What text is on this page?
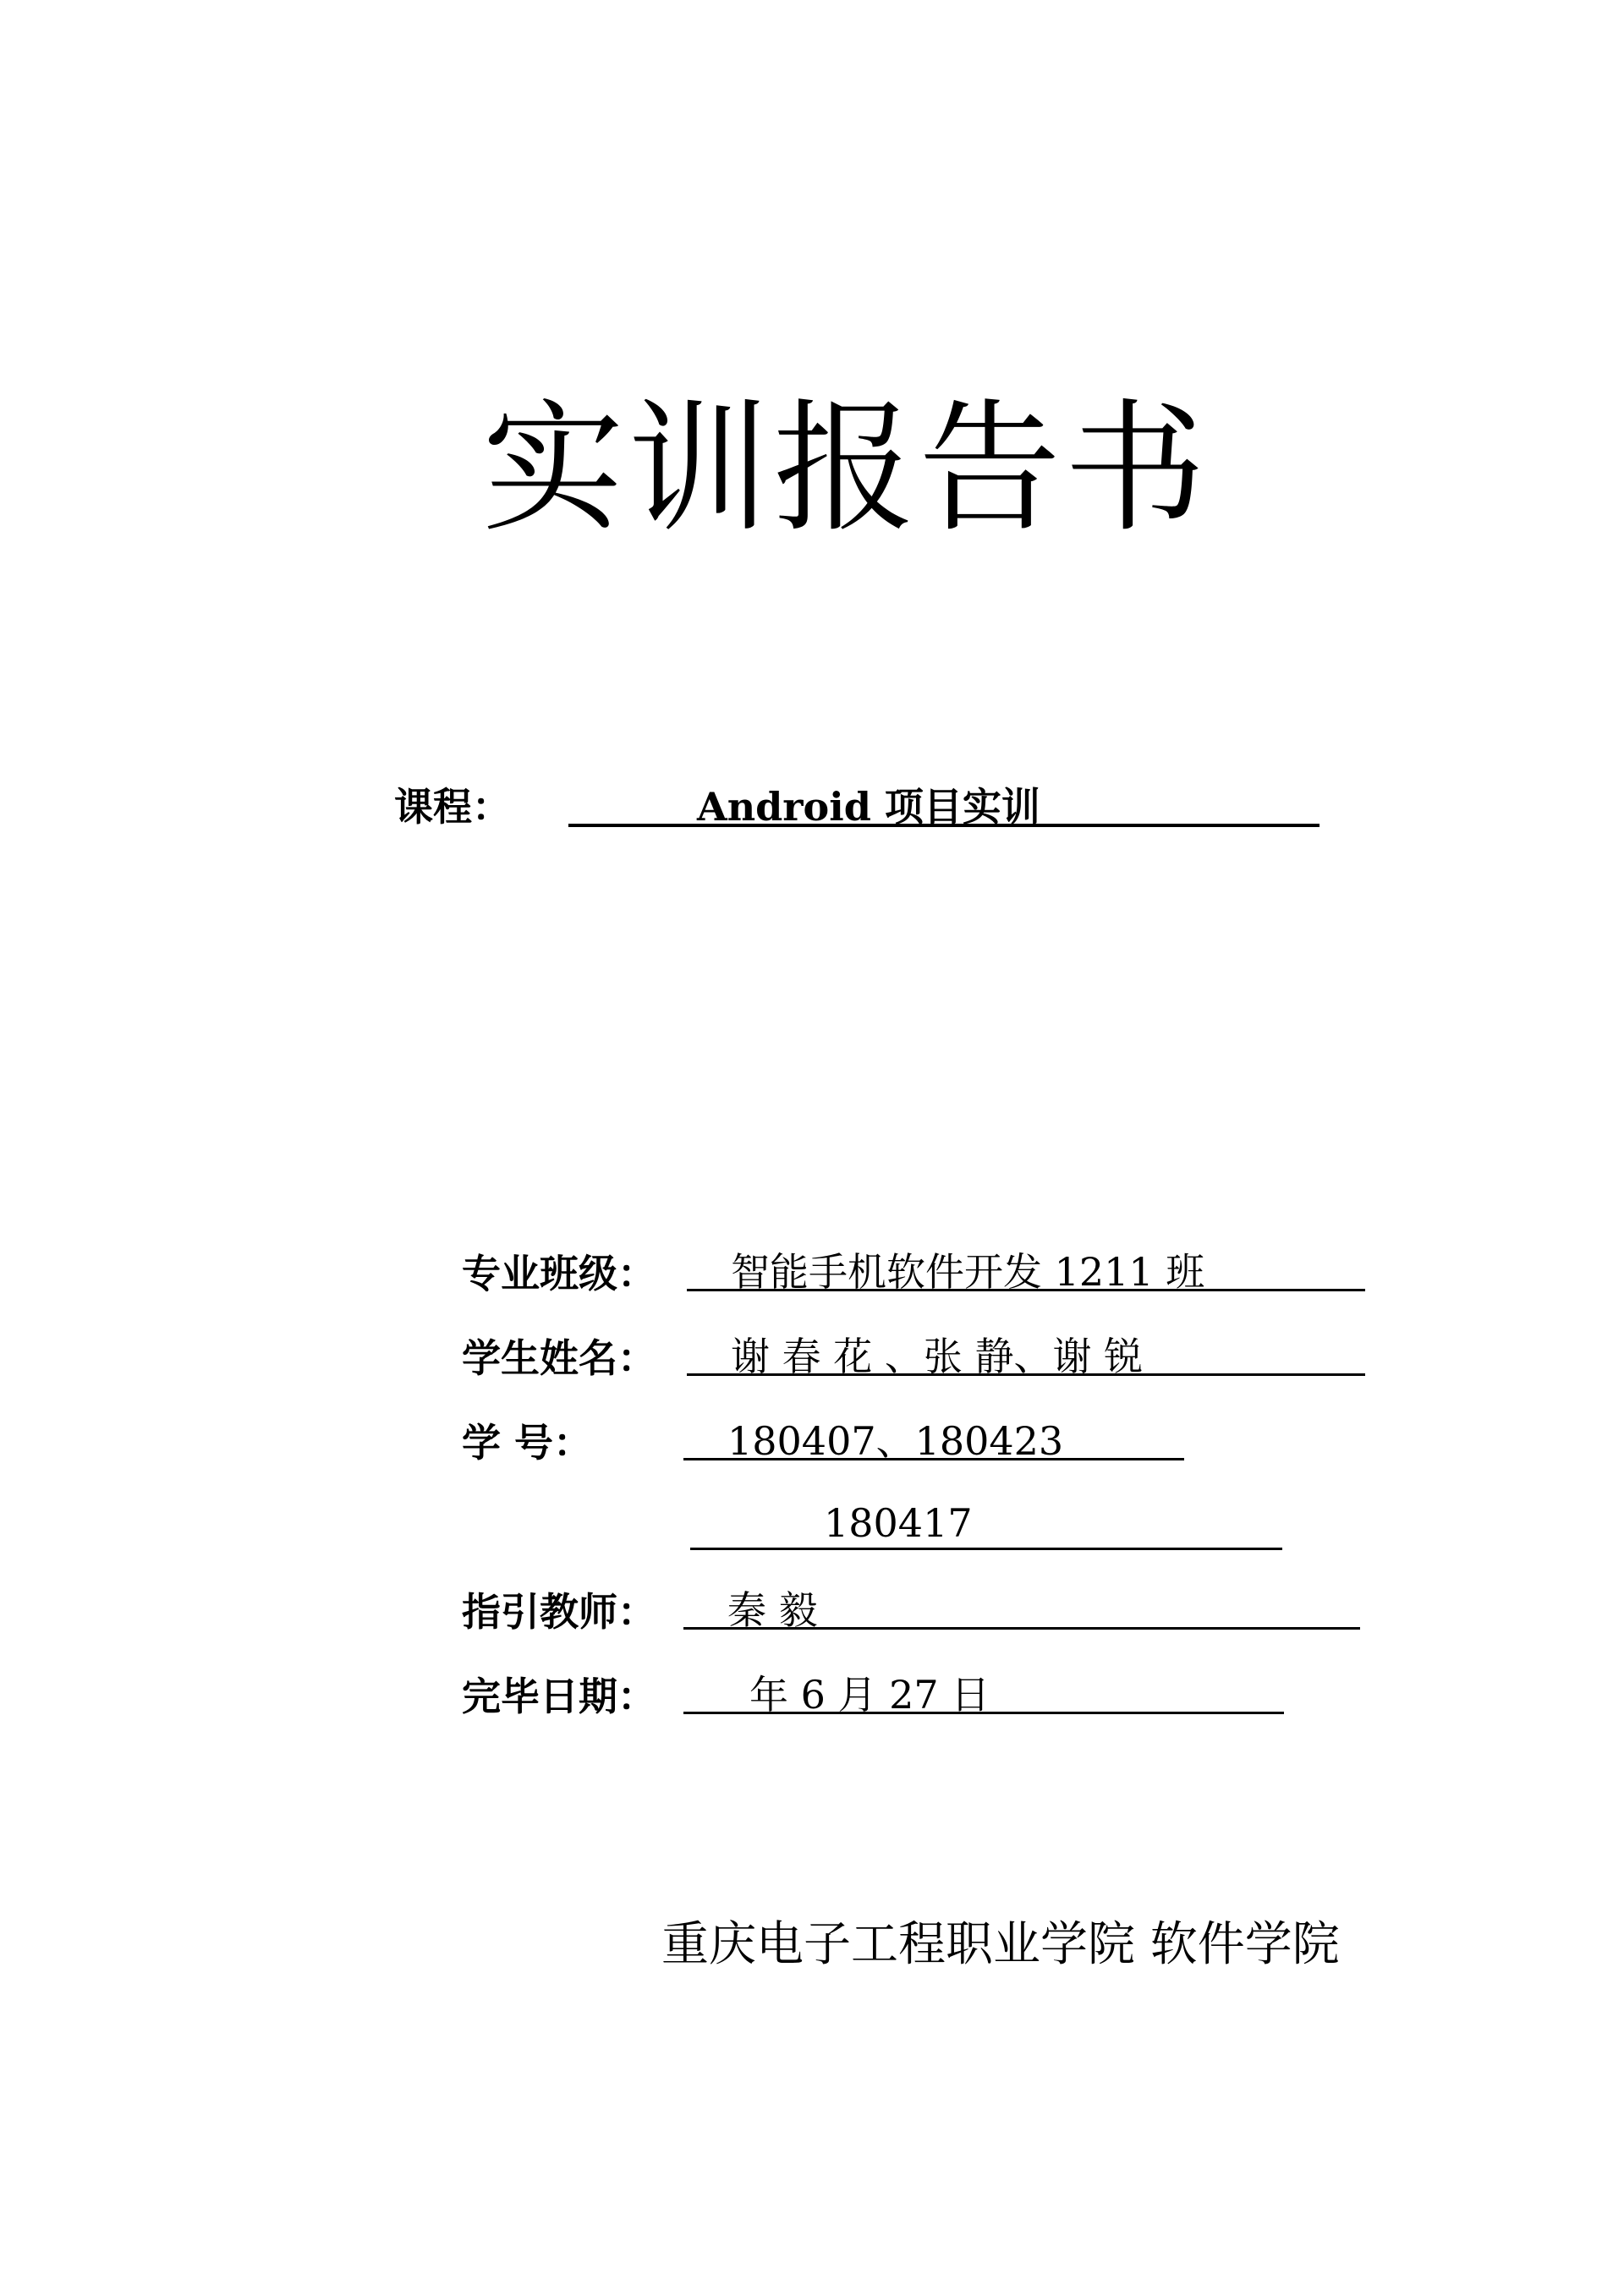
实训报告书
课程：	Android 项目实训
专业班级： 智能手机软件开发 1211 班
学生姓名： 谢 春 花 、张 静、谢 锐
学 号：	180407、180423
180417
指引教师： 秦 毅
完毕日期： 年 6 月 27 日
重庆电子工程职业学院 软件学院
